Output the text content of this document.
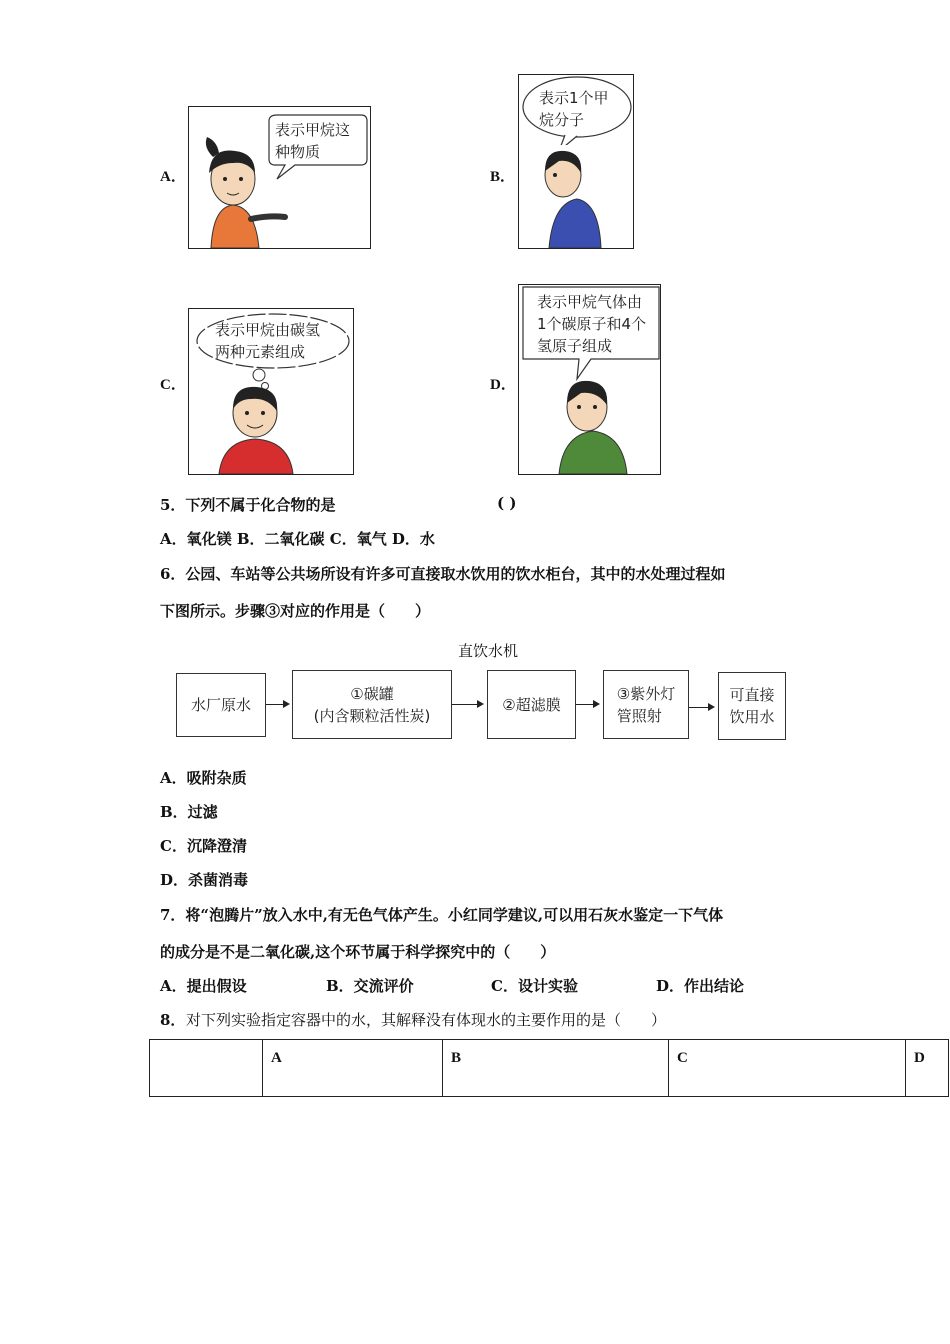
A．
表示甲烷这
种物质
B．
表示1个甲
烷分子
C．
表示甲烷由碳氢
两种元素组成
D．
表示甲烷气体由
1个碳原子和4个
氢原子组成
5．下列不属于化合物的是	( )
A．氧化镁 B．二氧化碳 C．氧气 D．水
6．公园、车站等公共场所设有许多可直接取水饮用的饮水柜台，其中的水处理过程如
下图所示。步骤③对应的作用是（　　）
直饮水机
水厂原水
①碳罐
(内含颗粒活性炭)
②超滤膜
③紫外灯
管照射
可直接
饮用水
A．吸附杂质
B．过滤
C．沉降澄清
D．杀菌消毒
7．将“泡腾片”放入水中,有无色气体产生。小红同学建议,可以用石灰水鉴定一下气体
的成分是不是二氧化碳,这个环节属于科学探究中的（　　）
A．提出假设	B．交流评价	C．设计实验	D．作出结论
8． 对下列实验指定容器中的水，其解释没有体现水的主要作用的是（　　）
	A	B	C	D
